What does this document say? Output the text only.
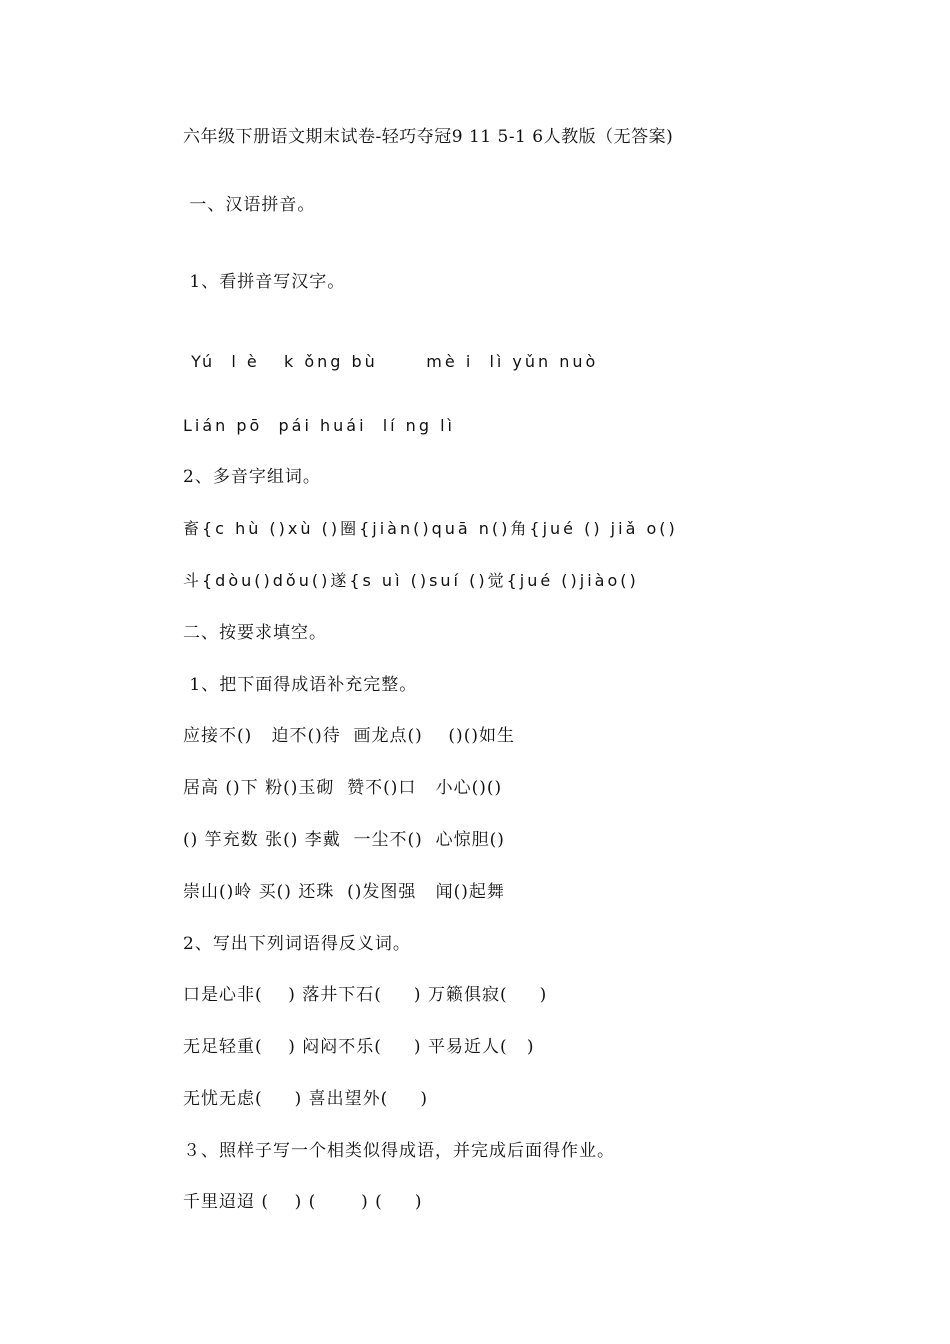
六年级下册语文期末试卷-轻巧夺冠9 11 5-1 6人教版（无答案)
一、汉语拼音。
1、看拼音写汉字。
Yú  l è   k ǒng bù      mè i  lì yǔn nuò
Lián pō  pái huái  lí ng lì
2、多音字组词。
畜{c hù ()xù ()圈{jiàn()quā n()角{jué () jiǎ o()
斗{dòu()dǒu()遂{s uì ()suí ()觉{jué ()jiào()
二、按要求填空。
1、把下面得成语补充完整。
应接不()   迫不()待  画龙点()    ()()如生
居高 ()下 粉()玉砌  赞不()口   小心()()
() 竽充数 张() 李戴  一尘不()  心惊胆()
崇山()岭 买() 还珠  ()发图强   闻()起舞
2、写出下列词语得反义词。
口是心非(    ) 落井下石(     ) 万籁俱寂(     )
无足轻重(    ) 闷闷不乐(     ) 平易近人(   )
无忧无虑(     ) 喜出望外(     )
３、照样子写一个相类似得成语，并完成后面得作业。
千里迢迢 (    ) (       ) (     )
